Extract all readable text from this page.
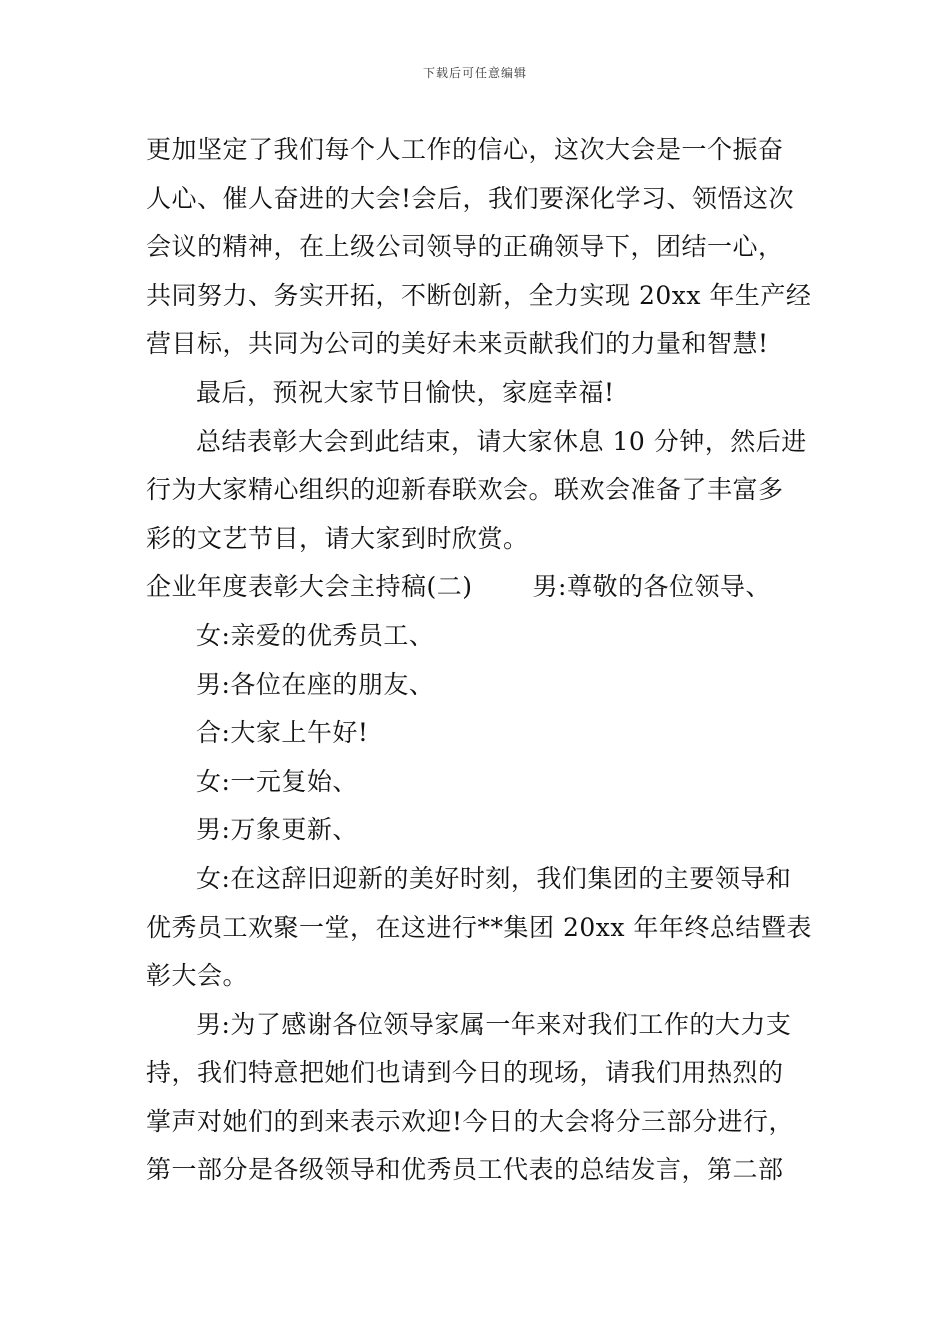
下载后可任意编辑
更加坚定了我们每个人工作的信心，这次大会是一个振奋
人心、催人奋进的大会!会后，我们要深化学习、领悟这次
会议的精神，在上级公司领导的正确领导下，团结一心，
共同努力、务实开拓，不断创新，全力实现 20xx 年生产经
营目标，共同为公司的美好未来贡献我们的力量和智慧!
最后，预祝大家节日愉快，家庭幸福!
总结表彰大会到此结束，请大家休息 10 分钟，然后进
行为大家精心组织的迎新春联欢会。联欢会准备了丰富多
彩的文艺节目，请大家到时欣赏。
企业年度表彰大会主持稿(二) 男:尊敬的各位领导、
女:亲爱的优秀员工、
男:各位在座的朋友、
合:大家上午好!
女:一元复始、
男:万象更新、
女:在这辞旧迎新的美好时刻，我们集团的主要领导和
优秀员工欢聚一堂，在这进行**集团 20xx 年年终总结暨表
彰大会。
男:为了感谢各位领导家属一年来对我们工作的大力支
持，我们特意把她们也请到今日的现场，请我们用热烈的
掌声对她们的到来表示欢迎!今日的大会将分三部分进行，
第一部分是各级领导和优秀员工代表的总结发言，第二部
